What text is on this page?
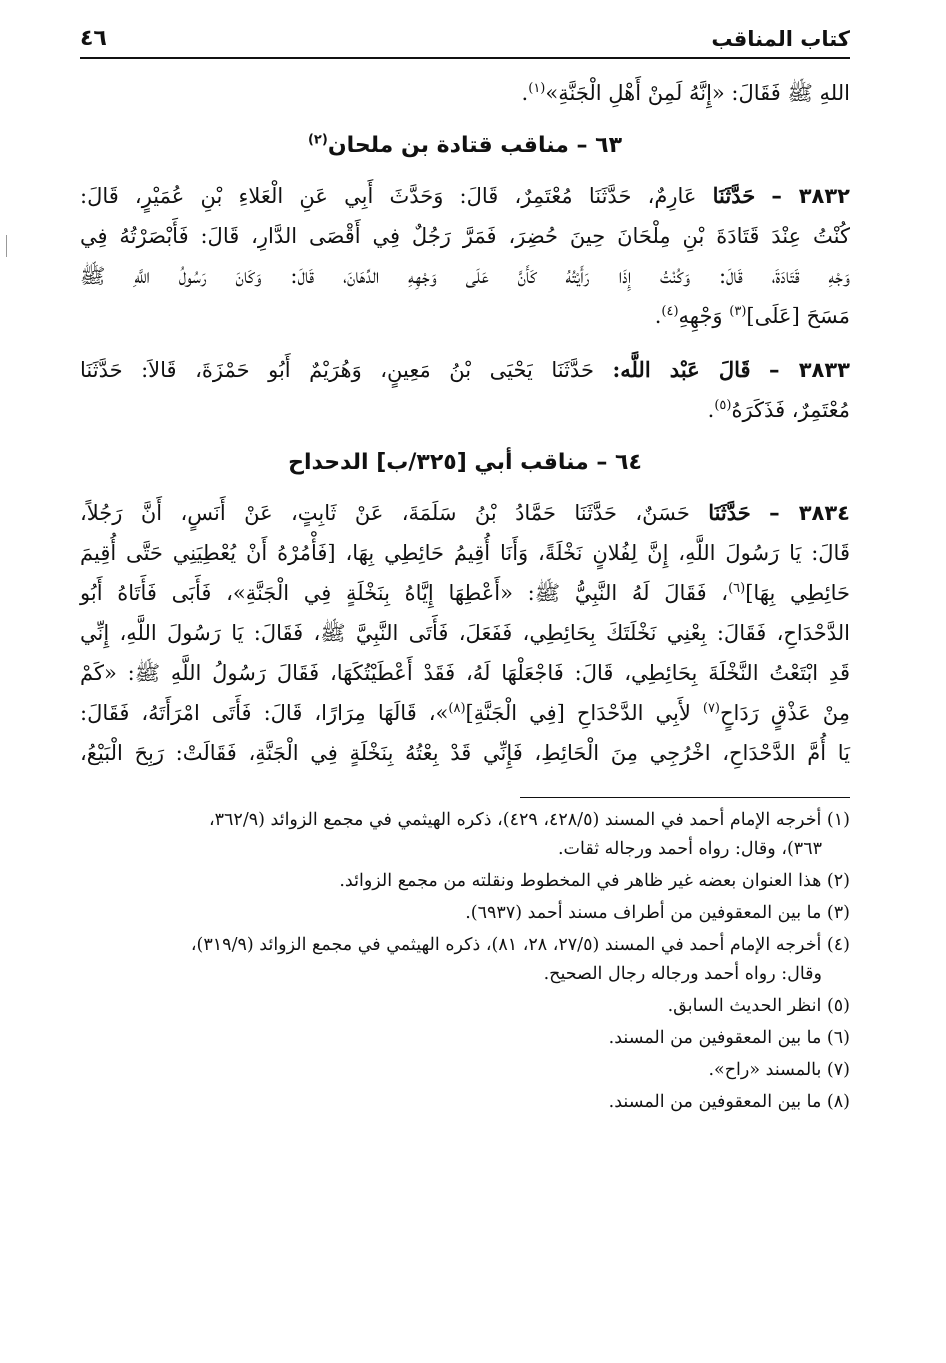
كتاب المناقب
٤٦
اللهِ ﷺ فَقَالَ: «إِنَّهُ لَمِنْ أَهْلِ الْجَنَّةِ»$^{(١)}$.
٦٣ – مناقب قتادة بن ملحان$^{(٢)}$
٣٨٣٢ – حَدَّثَنَا عَارِمٌ، حَدَّثَنَا مُعْتَمِرٌ، قَالَ: وَحَدَّثَ أَبِي عَنِ الْعَلاءِ بْنِ عُمَيْرٍ، قَالَ:
كُنْتُ عِنْدَ قَتَادَةَ بْنِ مِلْحَانَ حِينَ حُضِرَ، فَمَرَّ رَجُلٌ فِي أَقْصَى الدَّارِ، قَالَ: فَأَبْصَرْتُهُ فِي
وَجْهِ قَتَادَةَ، قَالَ: وَكُنْتُ إِذَا رَأَيْتُهُ كَأَنَّ عَلَى وَجْهِهِ الدِّهَانَ، قَالَ: وَكَانَ رَسُولُ اللَّهِ ﷺ
مَسَحَ [عَلَى]$^{(٣)}$ وَجْهِهِ$^{(٤)}$.
٣٨٣٣ – قَالَ عَبْد اللَّه: حَدَّثَنَا يَحْيَى بْنُ مَعِينٍ، وَهُرَيْمٌ أَبُو حَمْزَةَ، قَالاَ: حَدَّثَنَا
مُعْتَمِرٌ، فَذَكَرَهُ$^{(٥)}$.
٦٤ – مناقب أبي [٣٢٥/ب] الدحداح
٣٨٣٤ – حَدَّثَنَا حَسَنٌ، حَدَّثَنَا حَمَّادُ بْنُ سَلَمَةَ، عَنْ ثَابِتٍ، عَنْ أَنَسٍ، أَنَّ رَجُلاً،
قَالَ: يَا رَسُولَ اللَّهِ، إِنَّ لِفُلانٍ نَخْلَةً، وَأَنَا أُقِيمُ حَائِطِي بِهَا، [فَأْمُرْهُ أَنْ يُعْطِيَنِي حَتَّى أُقِيمَ
حَائِطِي بِهَا]$^{(٦)}$، فَقَالَ لَهُ النَّبِيُّ ﷺ: «أَعْطِهَا إِيَّاهُ بِنَخْلَةٍ فِي الْجَنَّةِ»، فَأَبَى فَأَتَاهُ أَبُو
الدَّحْدَاحِ، فَقَالَ: بِعْنِي نَخْلَتَكَ بِحَائِطِي، فَفَعَلَ، فَأَتَى النَّبِيَّ ﷺ، فَقَالَ: يَا رَسُولَ اللَّهِ، إِنِّي
قَدِ ابْتَعْتُ النَّخْلَةَ بِحَائِطِي، قَالَ: فَاجْعَلْهَا لَهُ، فَقَدْ أَعْطَيْتُكَهَا، فَقَالَ رَسُولُ اللَّهِ ﷺ: «كَمْ
مِنْ عَذْقٍ رَدَاحٍ$^{(٧)}$ لأَبِي الدَّحْدَاحِ [فِي الْجَنَّةِ]$^{(٨)}$»، قَالَهَا مِرَارًا، قَالَ: فَأَتَى امْرَأَتَهُ، فَقَالَ:
يَا أُمَّ الدَّحْدَاحِ، اخْرُجِي مِنَ الْحَائِطِ، فَإِنِّي قَدْ بِعْتُهُ بِنَخْلَةٍ فِي الْجَنَّةِ، فَقَالَتْ: رَبِحَ الْبَيْعُ،
(١) أخرجه الإمام أحمد في المسند (٤٢٨/٥، ٤٢٩)، ذكره الهيثمي في مجمع الزوائد (٣٦٢/٩،
٣٦٣)، وقال: رواه أحمد ورجاله ثقات.
(٢) هذا العنوان بعضه غير ظاهر في المخطوط ونقلته من مجمع الزوائد.
(٣) ما بين المعقوفين من أطراف مسند أحمد (٦٩٣٧).
(٤) أخرجه الإمام أحمد في المسند (٢٧/٥، ٢٨، ٨١)، ذكره الهيثمي في مجمع الزوائد (٣١٩/٩)،
وقال: رواه أحمد ورجاله رجال الصحيح.
(٥) انظر الحديث السابق.
(٦) ما بين المعقوفين من المسند.
(٧) بالمسند «راح».
(٨) ما بين المعقوفين من المسند.
